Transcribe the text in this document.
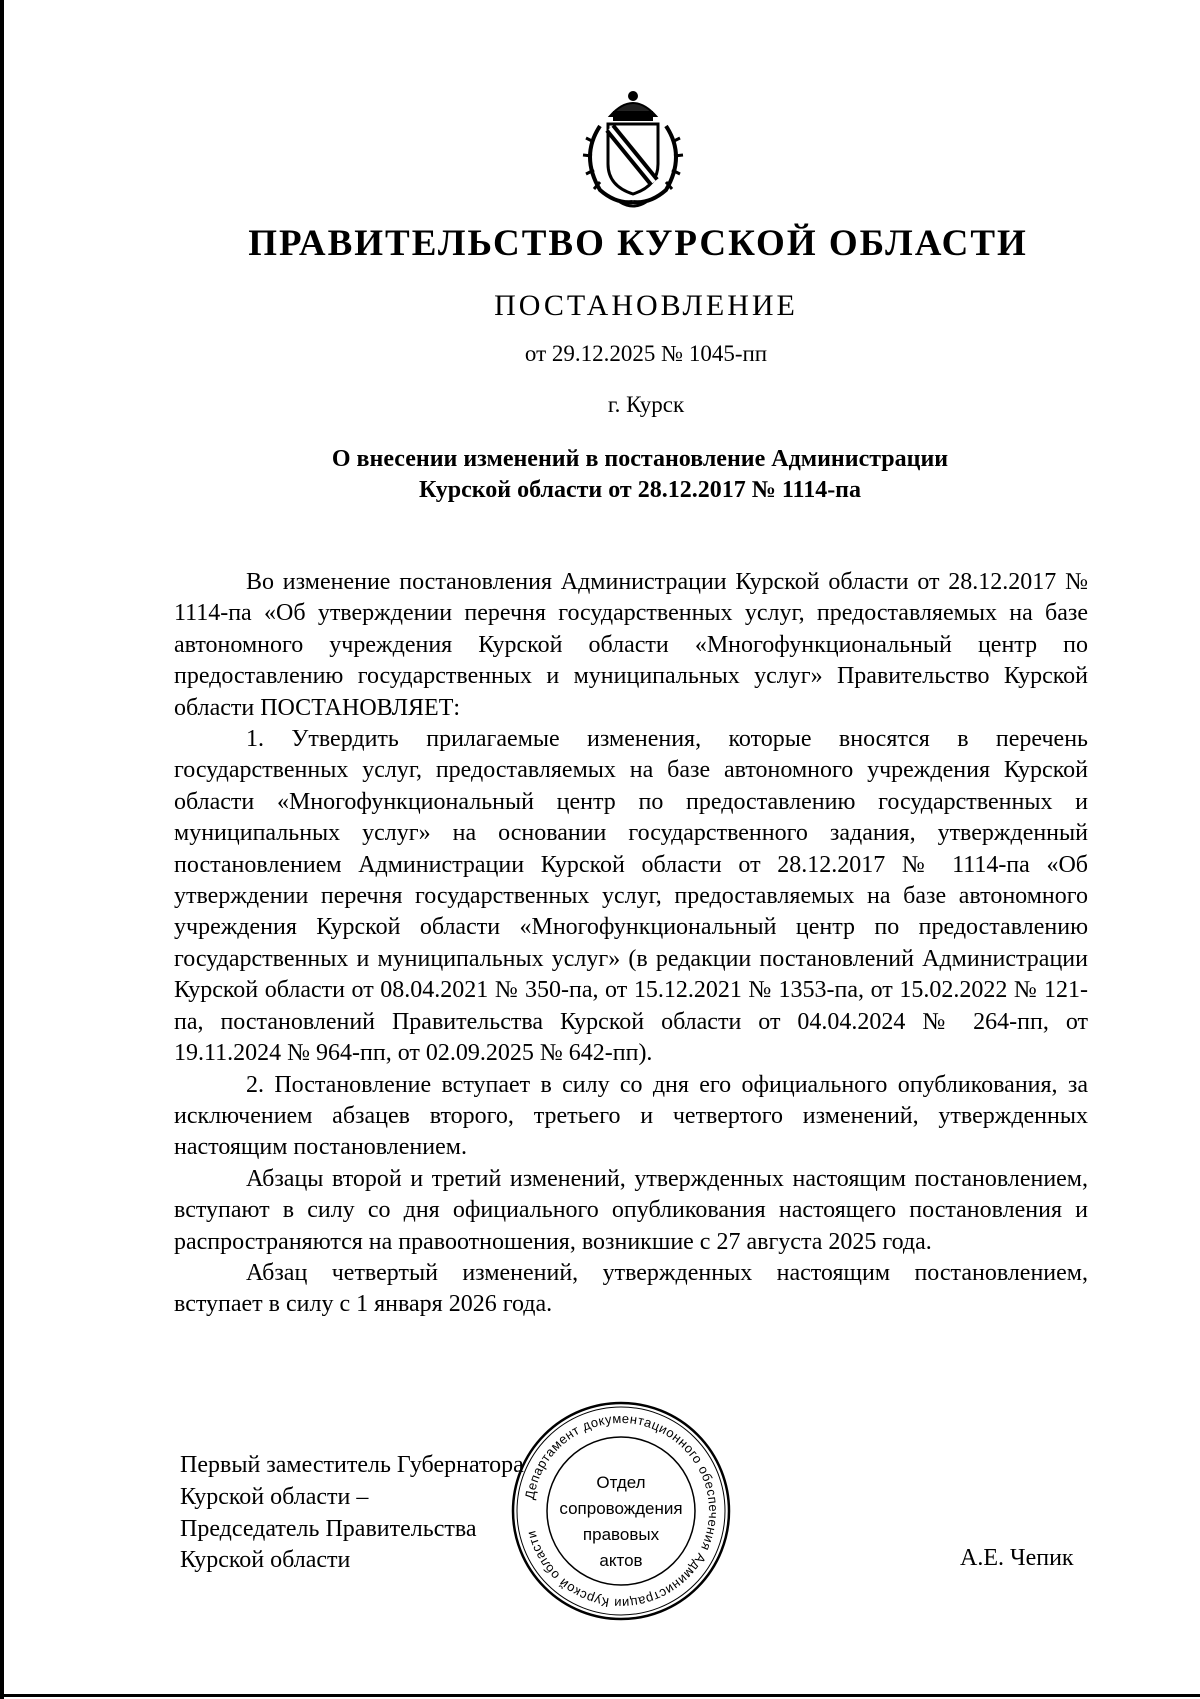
ПРАВИТЕЛЬСТВО КУРСКОЙ ОБЛАСТИ
ПОСТАНОВЛЕНИЕ
от 29.12.2025 № 1045-пп
г. Курск
О внесении изменений в постановление Администрации
Курской области от 28.12.2017 № 1114-па

Во изменение постановления Администрации Курской области от 28.12.2017 № 1114-па «Об утверждении перечня государственных услуг, предоставляемых на базе автономного учреждения Курской области «Многофункциональный центр по предоставлению государственных и муниципальных услуг» Правительство Курской области ПОСТАНОВЛЯЕТ:

1. Утвердить прилагаемые изменения, которые вносятся в перечень государственных услуг, предоставляемых на базе автономного учреждения Курской области «Многофункциональный центр по предоставлению государственных и муниципальных услуг» на основании государственного задания, утвержденный постановлением Администрации Курской области от 28.12.2017 № 1114-па «Об утверждении перечня государственных услуг, предоставляемых на базе автономного учреждения Курской области «Многофункциональный центр по предоставлению государственных и муниципальных услуг» (в редакции постановлений Администрации Курской области от 08.04.2021 № 350-па, от 15.12.2021 № 1353-па, от 15.02.2022 № 121-па, постановлений Правительства Курской области от 04.04.2024 № 264-пп, от 19.11.2024 № 964-пп, от 02.09.2025 № 642-пп).

2. Постановление вступает в силу со дня его официального опубликования, за исключением абзацев второго, третьего и четвертого изменений, утвержденных настоящим постановлением.

Абзацы второй и третий изменений, утвержденных настоящим постановлением, вступают в силу со дня официального опубликования настоящего постановления и распространяются на правоотношения, возникшие с 27 августа 2025 года.

Абзац четвертый изменений, утвержденных настоящим постановлением, вступает в силу с 1 января 2026 года.

Первый заместитель Губернатора
Курской области –
Председатель Правительства
Курской области	А.Е. Чепик
Департамент документационного обеспечения Администрации Курской области
Отдел
сопровождения
правовых
актов
